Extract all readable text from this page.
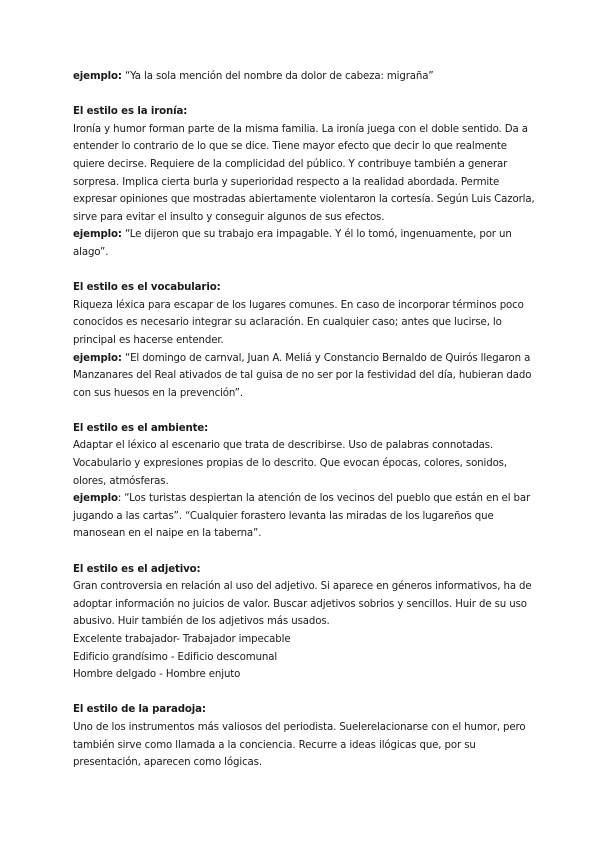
ejemplo: “Ya la sola mención del nombre da dolor de cabeza: migraña”
El estilo es la ironía:
Ironía y humor forman parte de la misma familia. La ironía juega con el doble sentido. Da a
entender lo contrario de lo que se dice. Tiene mayor efecto que decir lo que realmente
quiere decirse. Requiere de la complicidad del público. Y contribuye también a generar
sorpresa. Implica cierta burla y superioridad respecto a la realidad abordada. Permite
expresar opiniones que mostradas abiertamente violentaron la cortesía. Según Luis Cazorla,
sirve para evitar el insulto y conseguir algunos de sus efectos.
ejemplo: “Le dijeron que su trabajo era impagable. Y él lo tomó, ingenuamente, por un
alago”.
El estilo es el vocabulario:
Riqueza léxica para escapar de los lugares comunes. En caso de incorporar términos poco
conocidos es necesario integrar su aclaración. En cualquier caso; antes que lucirse, lo
principal es hacerse entender.
ejemplo: “El domingo de carnval, Juan A. Meliá y Constancio Bernaldo de Quirós llegaron a
Manzanares del Real ativados de tal guisa de no ser por la festividad del día, hubieran dado
con sus huesos en la prevención”.
El estilo es el ambiente:
Adaptar el léxico al escenario que trata de describirse. Uso de palabras connotadas.
Vocabulario y expresiones propias de lo descrito. Que evocan épocas, colores, sonidos,
olores, atmósferas.
ejemplo: “Los turistas despiertan la atención de los vecinos del pueblo que están en el bar
jugando a las cartas”. “Cualquier forastero levanta las miradas de los lugareños que
manosean en el naipe en la taberna”.
El estilo es el adjetivo:
Gran controversia en relación al uso del adjetivo. Si aparece en géneros informativos, ha de
adoptar información no juicios de valor. Buscar adjetivos sobrios y sencillos. Huir de su uso
abusivo. Huir también de los adjetivos más usados.
Excelente trabajador- Trabajador impecable
Edificio grandísimo - Edificio descomunal
Hombre delgado - Hombre enjuto
El estilo de la paradoja:
Uno de los instrumentos más valiosos del periodista. Suelerelacionarse con el humor, pero
también sirve como llamada a la conciencia. Recurre a ideas ilógicas que, por su
presentación, aparecen como lógicas.
